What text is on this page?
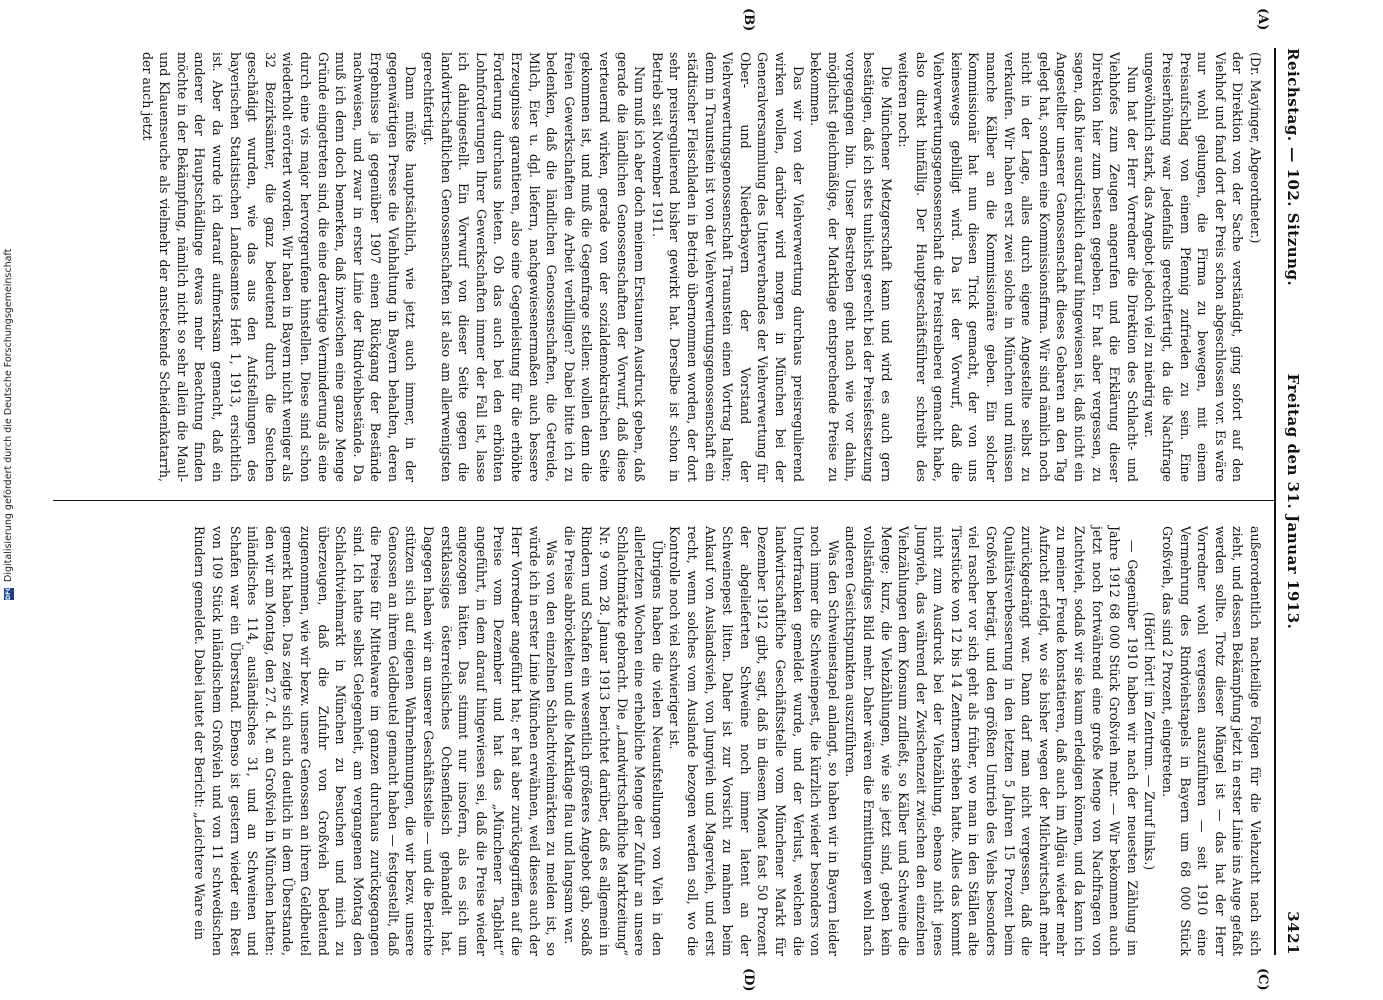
Reichstag. — 102. Sitzung.
Freitag den 31. Januar 1913.
3421
(A)
(B)
(C)
(D)

(Dr. Mayinger, Abgeordneter.)

der Direktion von der Sache verständigt, ging sofort auf den Viehhof und fand dort der Preis schon abgeschlossen vor. Es wäre nur wohl gelungen, die Firma zu bewegen, mit einem Preisaufschlag von einem Pfennig zufrieden zu sein. Eine Preiserhöhung war jedenfalls gerechtfertigt, da die Nachfrage ungewöhnlich stark, das Angebot jedoch viel zu niedrig war.

Nun hat der Herr Vorredner die Direktion des Schlacht- und Viehhofes zum Zeugen angerufen und die Erklärung dieser Direktion hier zum besten gegeben. Er hat aber vergessen, zu sagen, daß hier ausdrücklich darauf hingewiesen ist, daß nicht ein Angestellter unserer Genossenschaft dieses Gebaren an den Tag gelegt hat, sondern eine Kommissionsfirma. Wir sind nämlich noch nicht in der Lage, alles durch eigene Angestellte selbst zu verkaufen. Wir haben erst zwei solche in München und müssen manche Kälber an die Kommissionäre geben. Ein solcher Kommissionär hat nun diesen Trick gemacht, der von uns keineswegs gebilligt wird. Da ist der Vorwurf, daß die Viehverwertungsgenossenschaft die Preistreiberei gemacht habe, also direkt hinfällig. Der Hauptgeschäftsführer schreibt des weiteren noch:

Die Münchener Metzgerschaft kann und wird es auch gern bestätigen, daß ich stets tunlichst gerecht bei der Preisfestsetzung vorgegangen bin. Unser Bestreben geht nach wie vor dahin, möglichst gleichmäßige, der Marktlage entsprechende Preise zu bekommen.

Das wir von der Viehverwertung durchaus preisregulierend wirken wollen, darüber wird morgen in München bei der Generalversammlung des Unterverbandes der Viehverwertung für Ober- und Niederbayern der Vorstand der Viehverwertungsgenossenschaft Traunstein einen Vortrag halten; denn in Traunstein ist von der Viehverwertungsgenossenschaft ein städtischer Fleischladen in Betrieb übernommen worden, der dort sehr preisregulierend bisher gewirkt hat. Derselbe ist schon in Betrieb seit November 1911.

Nun muß ich aber doch meinem Erstaunen Ausdruck geben, daß gerade die ländlichen Genossenschaften der Vorwurf, daß diese verteuernd wirken, gerade von der sozialdemokratischen Seite gekommen ist, und muß die Gegenfrage stellen: wollen denn die freien Gewerkschaften die Arbeit verbilligen? Dabei bitte ich zu bedenken, daß die ländlichen Genossenschaften, die Getreide, Milch, Eier u. dgl. liefern, nachgewiesenermaßen auch bessere Erzeugnisse garantieren, also eine Gegenleistung für die erhöhte Forderung durchaus bieten. Ob das auch bei den erhöhten Lohnforderungen Ihrer Gewerkschaften immer der Fall ist, lasse ich dahingestellt. Ein Vorwurf von dieser Seite gegen die landwirtschaftlichen Genossenschaften ist also am allerwenigsten gerechtfertigt.

Dann müßte hauptsächlich, wie jetzt auch immer, in der gegenwärtigen Presse die Viehhaltung in Bayern behalten, deren Ergebnisse ja gegenüber 1907 einen Rückgang der Bestände nachweisen, und zwar in erster Linie der Rindviehbestände. Da muß ich denn doch bemerken, daß inzwischen eine ganze Menge Gründe eingetreten sind, die eine derartige Verminderung als eine durch eine vis major hervorgerufene hinstellen. Diese sind schon wiederholt erörtert worden. Wir haben in Bayern nicht weniger als 32 Bezirksämter, die ganz bedeutend durch die Seuchen geschädigt wurden, wie das aus den Aufstellungen des bayerischen Statistischen Landesamtes Heft 1, 1913, ersichtlich ist. Aber da wurde ich darauf aufmerksam gemacht, daß ein anderer der Hauptschädlinge etwas mehr Beachtung finden möchte in der Bekämpfung, nämlich nicht so sehr allein die Maul- und Klauenseuche als vielmehr der ansteckende Scheidenkatarrh, der auch jetzt

außerordentlich nachteilige Folgen für die Viehzucht nach sich zieht, und dessen Bekämpfung jetzt in erster Linie ins Auge gefaßt werden sollte. Trotz dieser Mängel ist — das hat der Herr Vorredner wohl vergessen auszuführen — seit 1910 eine Vermehrung des Rindviehstapels in Bayern um 68 000 Stück Großvieh, das sind 2 Prozent, eingetreten.

(Hört! hört! im Zentrum. — Zuruf links.)

— Gegenüber 1910 haben wir nach der neuesten Zählung im Jahre 1912 68 000 Stück Großvieh mehr. — Wir bekommen auch jetzt noch fortwährend eine große Menge von Nachfragen von Zuchtvieh, sodaß wir sie kaum erledigen können, und da kann ich zu meiner Freude konstatieren, daß auch im Allgäu wieder mehr Aufzucht erfolgt, wo sie bisher wegen der Milchwirtschaft mehr zurückgedrängt war. Dann darf man nicht vergessen, daß die Qualitätsverbesserung in den letzten 5 Jahren 15 Prozent beim Großvieh beträgt, und den größten Umtrieb des Viehs besonders viel rascher vor sich geht als früher, wo man in den Ställen alte Tierstücke von 12 bis 14 Zentnern stehen hatte. Alles das kommt nicht zum Ausdruck bei der Viehzählung, ebenso nicht jenes Jungvieh, das während der Zwischenzeit zwischen den einzelnen Viehzählungen dem Konsum zufließt, so Kälber und Schweine die Menge; kurz, die Viehzählungen, wie sie jetzt sind, geben kein vollständiges Bild mehr. Daher wären die Ermittlungen wohl nach anderen Gesichtspunkten auszuführen.

Was den Schweinestapel anlangt, so haben wir in Bayern leider noch immer die Schweinepest, die kürzlich wieder besonders von Unterfranken gemeldet wurde, und der Verlust, welchen die landwirtschaftliche Geschäftsstelle vom Münchener Markt für Dezember 1912 gibt, sagt, daß in diesem Monat fast 50 Prozent der abgelieferten Schweine noch immer latent an der Schweinepest litten. Daher ist zur Vorsicht zu mahnen beim Ankauf von Auslandsvieh, von Jungvieh und Magervieh, und erst recht, wenn solches vom Auslande bezogen werden soll, wo die Kontrolle noch viel schwieriger ist.

Übrigens haben die vielen Neuaufstellungen von Vieh in den allerletzten Wochen eine erhebliche Menge der Zufuhr an unsere Schlachtmärkte gebracht. Die „Landwirtschaftliche Marktzeitung“ Nr. 9 vom 28. Januar 1913 berichtet darüber, daß es allgemein in Rindern und Schafen ein wesentlich größeres Angebot gab, sodaß die Preise abbröckelten und die Marktlage flau und langsam war.

Was von den einzelnen Schlachtviehmärkten zu melden ist, so würde ich in erster Linie München erwähnen, weil dieses auch der Herr Vorredner angeführt hat; er hat aber zurückgegriffen auf die Preise vom Dezember und hat das „Münchener Tagblatt“ angeführt, in dem darauf hingewiesen sei, daß die Preise wieder angezogen hätten. Das stimmt nur insofern, als es sich um erstklassiges österreichisches Ochsenfleisch gehandelt hat. Dagegen haben wir an unserer Geschäftsstelle — und die Berichte stützen sich auf eigenen Wahrnehmungen, die wir bezw. unsere Genossen an ihrem Geldbeutel gemacht haben — festgestellt, daß die Preise für Mittelware im ganzen durchaus zurückgegangen sind. Ich hatte selbst Gelegenheit, am vergangenen Montag den Schlachtviehmarkt in München zu besuchen und mich zu überzeugen, daß die Zufuhr von Großvieh bedeutend zugenommen, wie wir bezw. unsere Genossen an ihrem Geldbeutel gemerkt haben. Das zeigte sich auch deutlich in dem Überstande, den wir am Montag, den 27. d. M. an Großvieh in München hatten: inländisches 114, ausländisches 31, und an Schweinen und Schafen war ein Überstand. Ebenso ist gestern wieder ein Rest von 109 Stück inländischem Großvieh und von 11 schwedischen Rindern gemeldet. Dabei lautet der Bericht: „Leichtere Ware ein

DFG Digitalisierung gefördert durch die Deutsche Forschungsgemeinschaft
